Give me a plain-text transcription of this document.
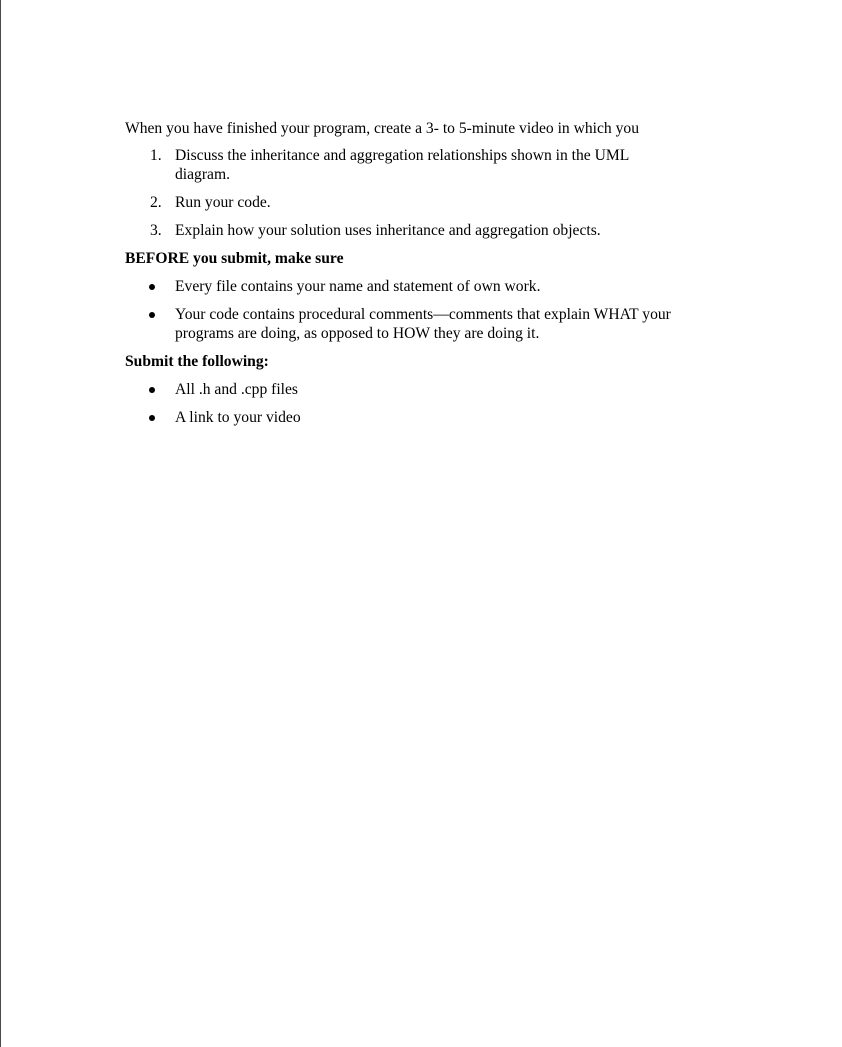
When you have finished your program, create a 3- to 5-minute video in which you

1. Discuss the inheritance and aggregation relationships shown in the UML diagram.
2. Run your code.
3. Explain how your solution uses inheritance and aggregation objects.

BEFORE you submit, make sure

Every file contains your name and statement of own work.
Your code contains procedural comments—comments that explain WHAT your programs are doing, as opposed to HOW they are doing it.

Submit the following:

All .h and .cpp files
A link to your video
